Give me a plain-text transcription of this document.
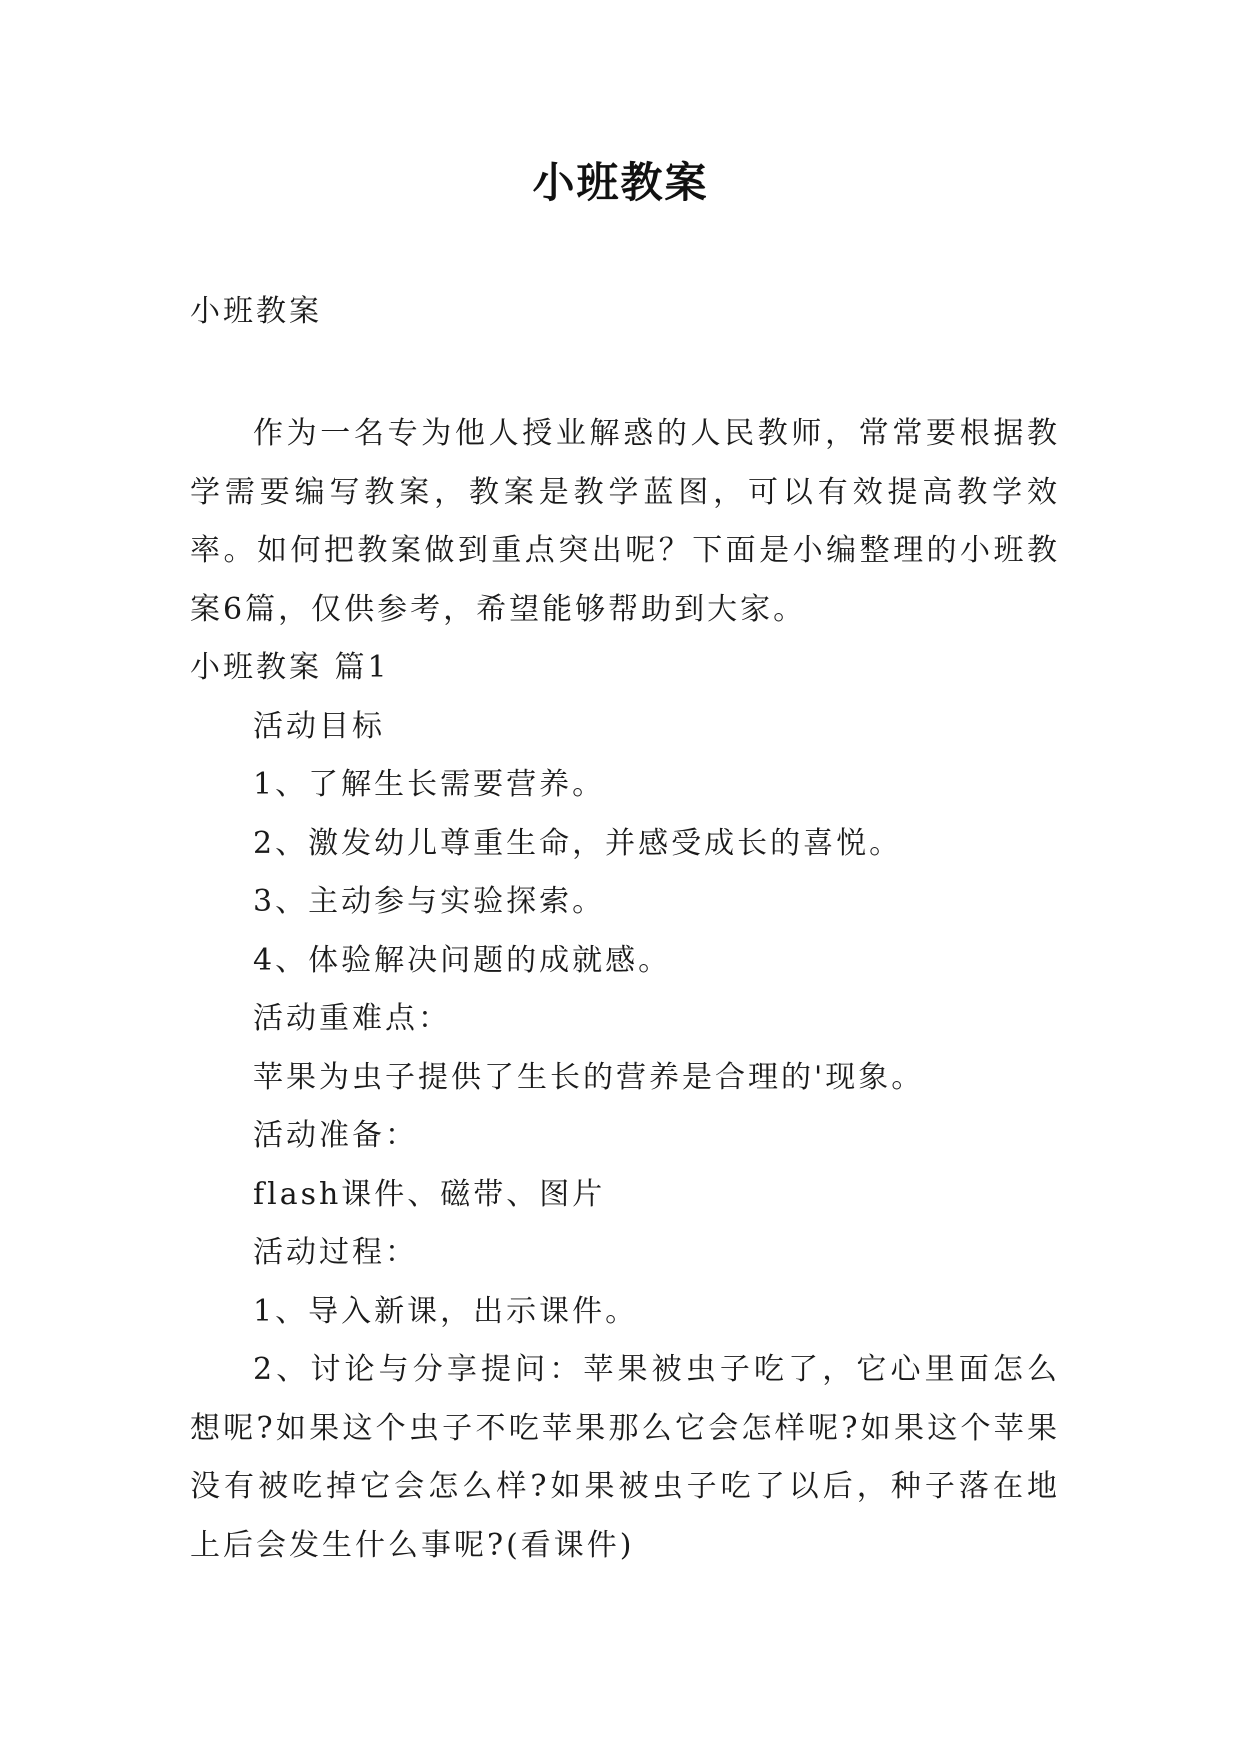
小班教案
小班教案

作为一名专为他人授业解惑的人民教师，常常要根据教学需要编写教案，教案是教学蓝图，可以有效提高教学效率。如何把教案做到重点突出呢？下面是小编整理的小班教案6篇，仅供参考，希望能够帮助到大家。

小班教案 篇1

活动目标

1、了解生长需要营养。

2、激发幼儿尊重生命，并感受成长的喜悦。

3、主动参与实验探索。

4、体验解决问题的成就感。

活动重难点：

苹果为虫子提供了生长的营养是合理的'现象。

活动准备：

flash课件、磁带、图片

活动过程：

1、导入新课，出示课件。

2、讨论与分享提问：苹果被虫子吃了，它心里面怎么想呢?如果这个虫子不吃苹果那么它会怎样呢?如果这个苹果没有被吃掉它会怎么样?如果被虫子吃了以后，种子落在地上后会发生什么事呢?(看课件)
